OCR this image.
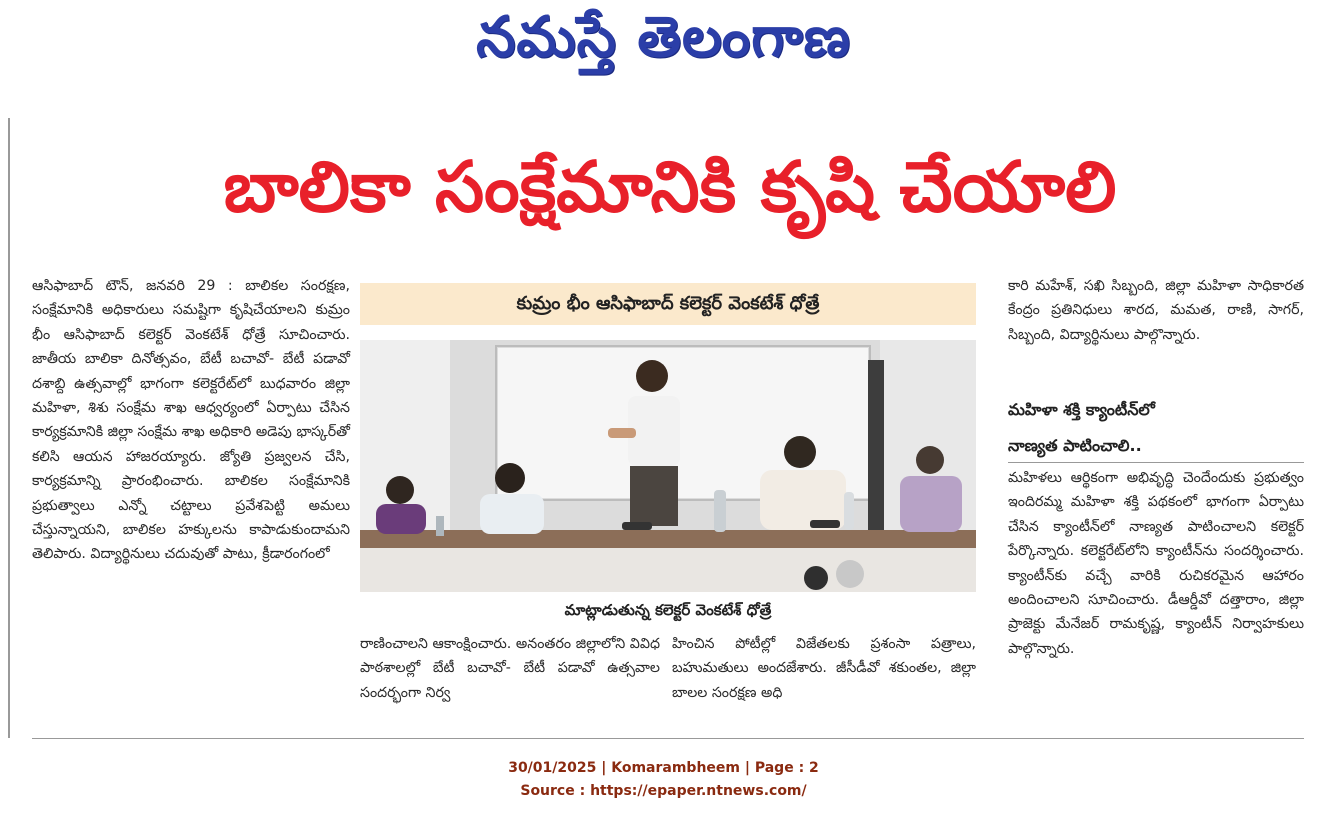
నమస్తే తెలంగాణ
బాలికా సంక్షేమానికి కృషి చేయాలి

ఆసిఫాబాద్ టౌన్, జనవరి 29 : బాలికల సంరక్షణ, సంక్షేమానికి అధికారులు సమష్టిగా కృషిచేయాలని కుమ్రం భీం ఆసిఫాబాద్ కలెక్టర్ వెంకటేశ్ ధోత్రే సూచించారు. జాతీయ బాలికా దినోత్సవం, బేటీ బచావో- బేటీ పడావో దశాబ్ది ఉత్సవాల్లో భాగంగా కలెక్టరేట్‌లో బుధవారం జిల్లా మహిళా, శిశు సంక్షేమ శాఖ ఆధ్వర్యంలో ఏర్పాటు చేసిన కార్యక్రమానికి జిల్లా సంక్షేమ శాఖ అధికారి అడెపు భాస్కర్‌తో కలిసి ఆయన హాజరయ్యారు. జ్యోతి ప్రజ్వలన చేసి, కార్యక్రమాన్ని ప్రారంభించారు. బాలికల సంక్షేమానికి ప్రభుత్వాలు ఎన్నో చట్టాలు ప్రవేశపెట్టి అమలు చేస్తున్నాయని, బాలికల హక్కులను కాపాడుకుందామని తెలిపారు. విద్యార్థినులు చదువుతో పాటు, క్రీడారంగంలో

కుమ్రం భీం ఆసిఫాబాద్ కలెక్టర్ వెంకటేశ్ ధోత్రే
మాట్లాడుతున్న కలెక్టర్ వెంకటేశ్ ధోత్రే

రాణించాలని ఆకాంక్షించారు. అనంతరం జిల్లాలోని వివిధ పాఠశాలల్లో బేటీ బచావో- బేటీ పడావో ఉత్సవాల సందర్భంగా నిర్వ

హించిన పోటీల్లో విజేతలకు ప్రశంసా పత్రాలు, బహుమతులు అందజేశారు. జీసీడీవో శకుంతల, జిల్లా బాలల సంరక్షణ అధి

కారి మహేశ్, సఖి సిబ్బంది, జిల్లా మహిళా సాధికారత కేంద్రం ప్రతినిధులు శారద, మమత, రాణి, సాగర్, సిబ్బంది, విద్యార్థినులు పాల్గొన్నారు.

మహిళా శక్తి క్యాంటీన్‌లో
నాణ్యత పాటించాలి..

మహిళలు ఆర్థికంగా అభివృద్ధి చెందేందుకు ప్రభుత్వం ఇందిరమ్మ మహిళా శక్తి పథకంలో భాగంగా ఏర్పాటు చేసిన క్యాంటీన్‌లో నాణ్యత పాటించాలని కలెక్టర్ పేర్కొన్నారు. కలెక్టరేట్‌లోని క్యాంటీన్‌ను సందర్శించారు. క్యాంటీన్‌కు వచ్చే వారికి రుచికరమైన ఆహారం అందించాలని సూచించారు. డీఆర్డీవో దత్తారాం, జిల్లా ప్రాజెక్టు మేనేజర్ రామకృష్ణ, క్యాంటీన్ నిర్వాహకులు పాల్గొన్నారు.

30/01/2025 | Komarambheem | Page : 2
Source : https://epaper.ntnews.com/
